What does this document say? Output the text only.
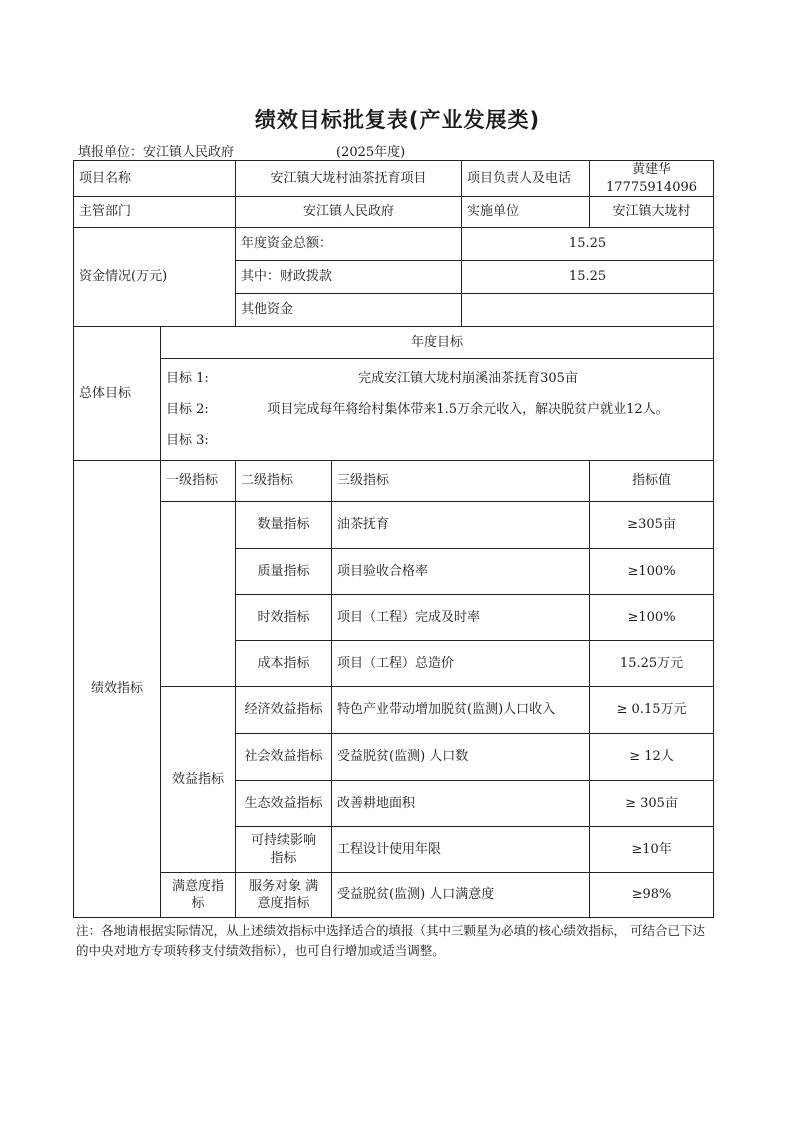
绩效目标批复表(产业发展类)
填报单位：安江镇人民政府	(2025年度)
项目名称		安江镇大垅村油茶抚育项目		项目负责人及电话	黄建华17775914096
主管部门		安江镇人民政府		实施单位	安江镇大垅村
资金情况(万元)		年度资金总额：		15.25	
		其中：财政拨款		15.25	
		其他资金			
总体目标	年度目标				

	目标 1: 完成安江镇大垅村崩溪油茶抚育305亩
目标 2: 项目完成每年将给村集体带来1.5万余元收入，解决脱贫户就业12人。
目标 3:				

绩效指标	一级指标	二级指标	三级指标		指标值
		数量指标	油茶抚育		≥305亩
		质量指标	项目验收合格率		≥100%
		时效指标	项目（工程）完成及时率		≥100%
		成本指标	项目（工程）总造价		15.25万元
	效益指标	经济效益指标	特色产业带动增加脱贫(监测)人口收入		≥ 0.15万元
		社会效益指标	受益脱贫(监测) 人口数		≥ 12人
		生态效益指标	改善耕地面积		≥ 305亩
		可持续影响指标	工程设计使用年限		≥10年
	满意度指标	服务对象 满意度指标	受益脱贫(监测) 人口满意度		≥98%
注：各地请根据实际情况，从上述绩效指标中选择适合的填报（其中三颗星为必填的核心绩效指标， 可结合已下达的中央对地方专项转移支付绩效指标），也可自行增加或适当调整。
